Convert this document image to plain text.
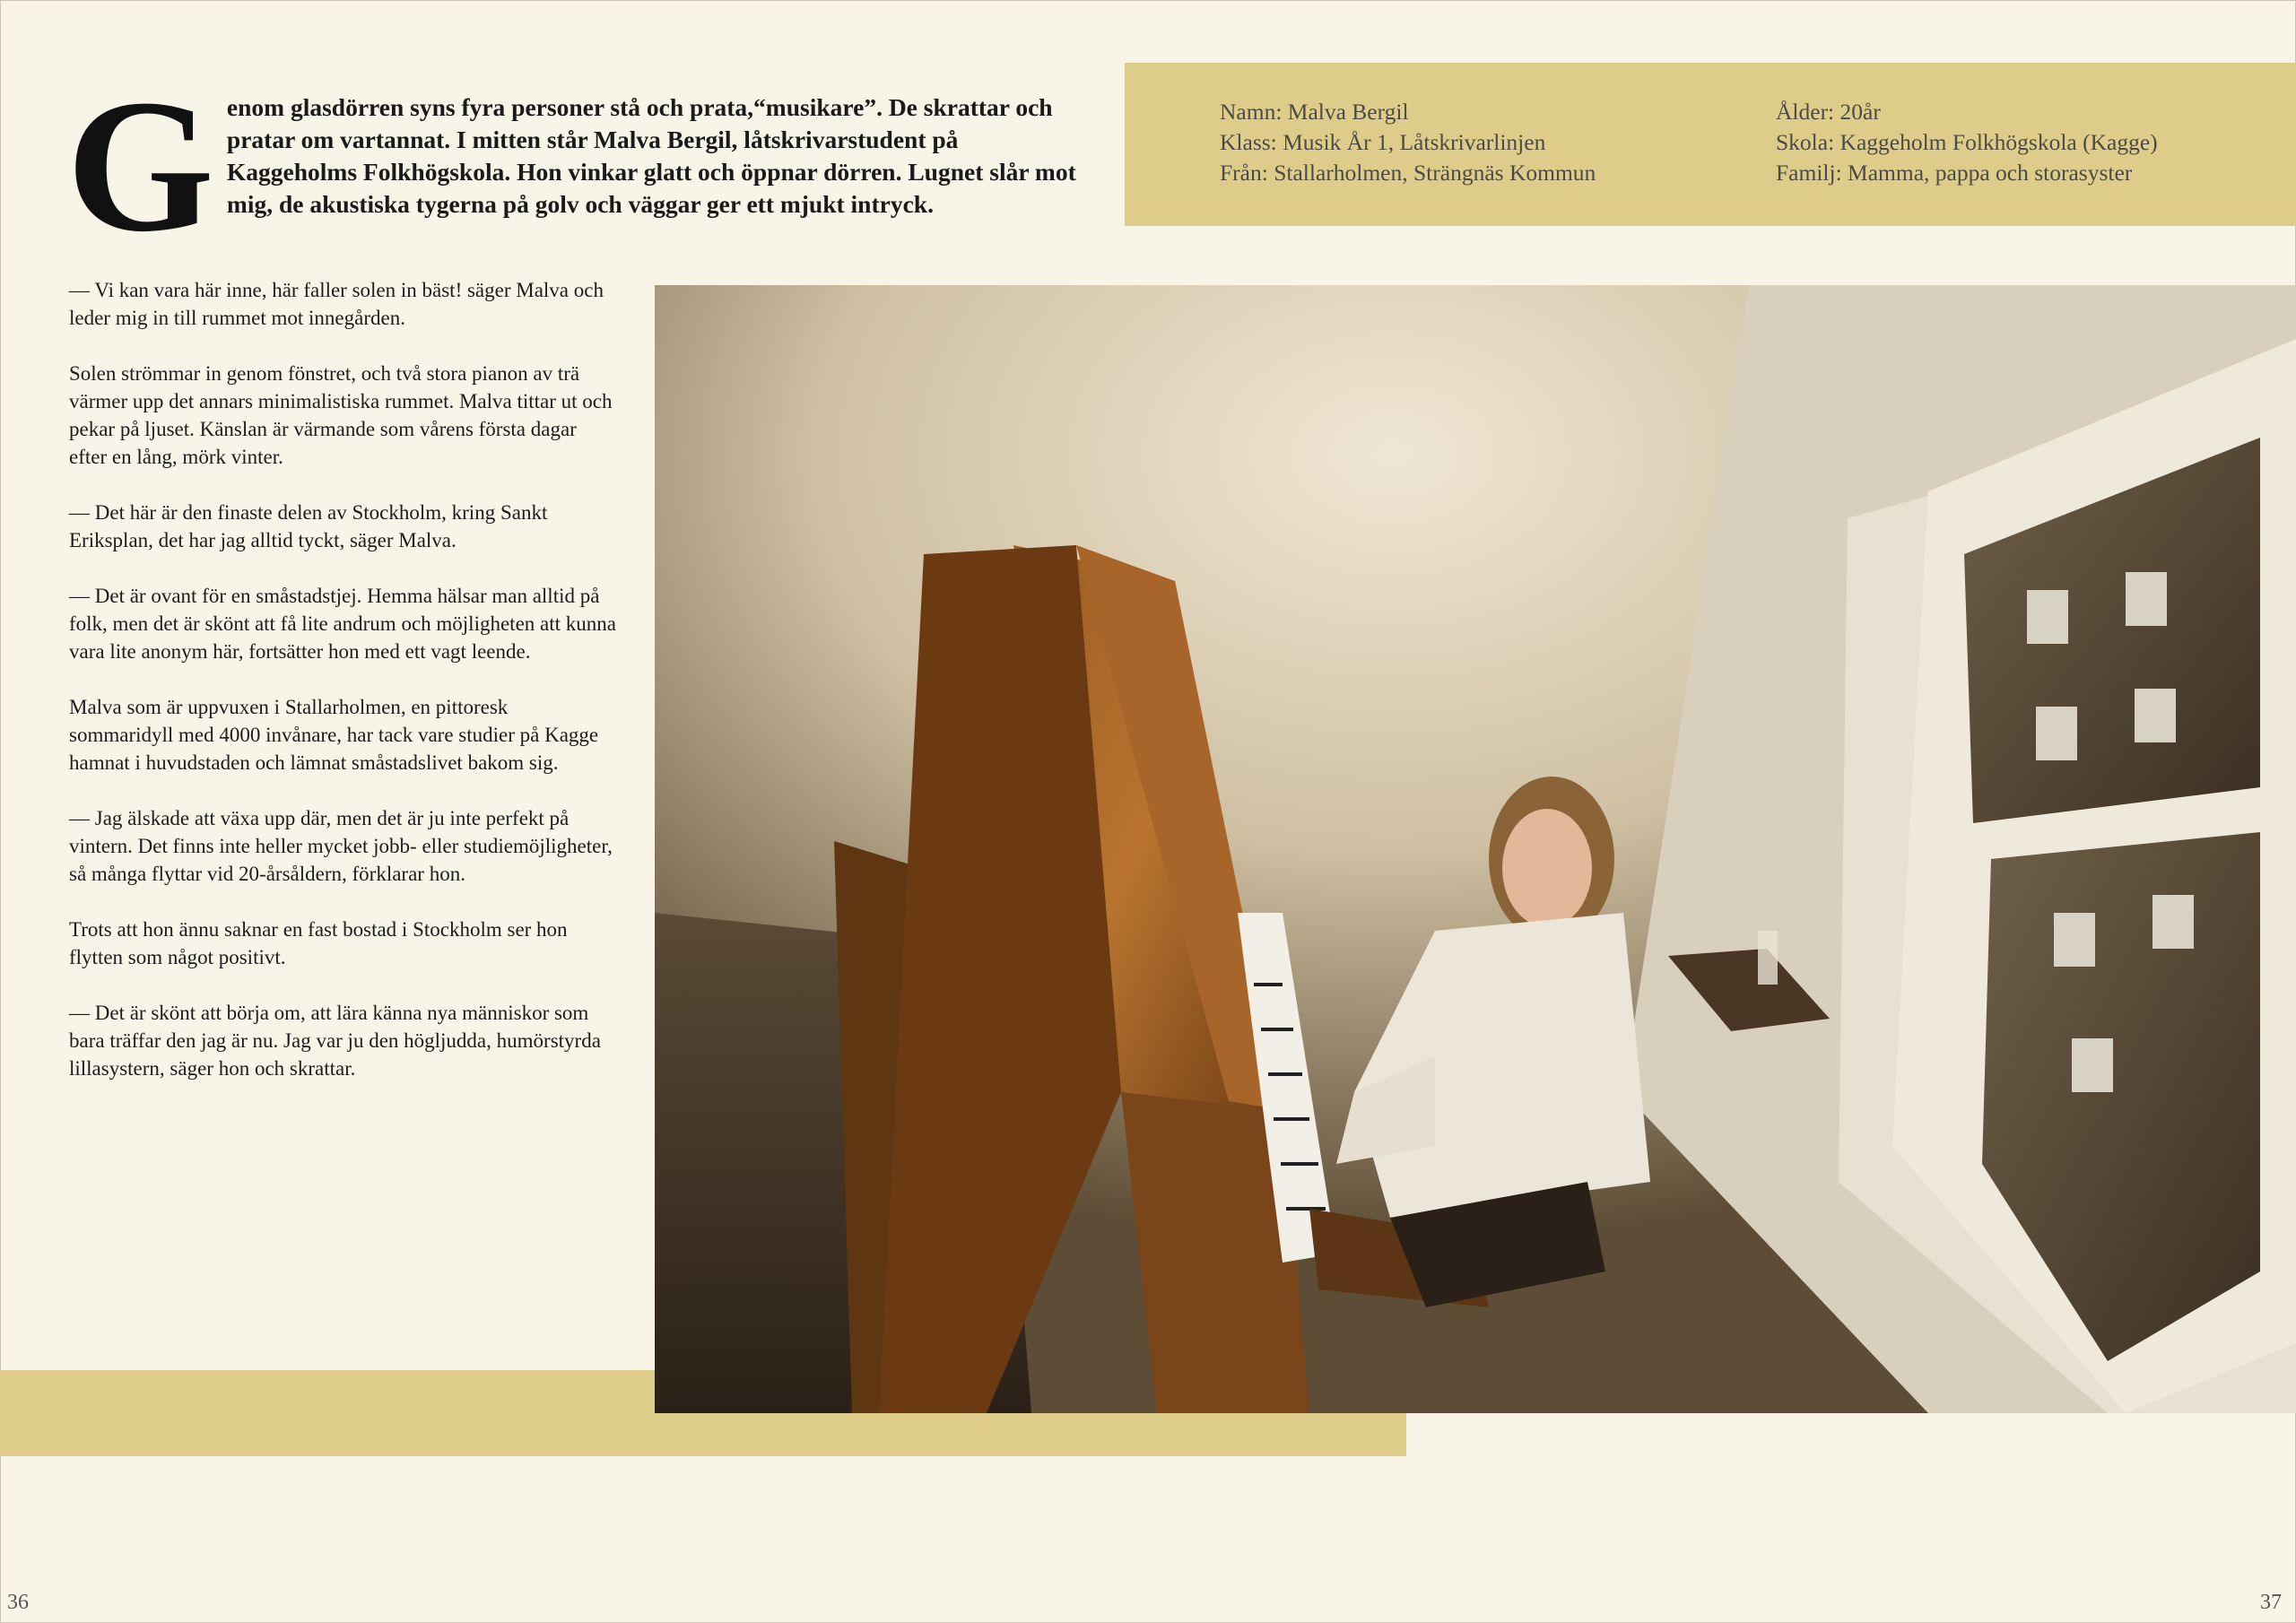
G enom glasdörren syns fyra personer stå och prata,“musikare”. De skrattar och pratar om vartannat. I mitten står Malva Bergil, låtskrivarstudent på Kaggeholms Folkhögskola. Hon vinkar glatt och öppnar dörren. Lugnet slår mot mig, de akustiska tygerna på golv och väggar ger ett mjukt intryck.

Namn: Malva Bergil
Klass: Musik År 1, Låtskrivarlinjen
Från: Stallarholmen, Strängnäs Kommun
Ålder: 20år
Skola: Kaggeholm Folkhögskola (Kagge)
Familj: Mamma, pappa och storasyster

— Vi kan vara här inne, här faller solen in bäst! säger Malva och leder mig in till rummet mot innegården.

Solen strömmar in genom fönstret, och två stora pianon av trä värmer upp det annars minimalistiska rummet. Malva tittar ut och pekar på ljuset. Känslan är värmande som vårens första dagar efter en lång, mörk vinter.

— Det här är den finaste delen av Stockholm, kring Sankt Eriksplan, det har jag alltid tyckt, säger Malva.

— Det är ovant för en småstadstjej. Hemma hälsar man alltid på folk, men det är skönt att få lite andrum och möjligheten att kunna vara lite anonym här, fortsätter hon med ett vagt leende.

Malva som är uppvuxen i Stallarholmen, en pittoresk sommaridyll med 4000 invånare, har tack vare studier på Kagge hamnat i huvudstaden och lämnat småstadslivet bakom sig.

— Jag älskade att växa upp där, men det är ju inte perfekt på vintern. Det finns inte heller mycket jobb- eller studiemöjligheter, så många flyttar vid 20-årsåldern, förklarar hon.

Trots att hon ännu saknar en fast bostad i Stockholm ser hon flytten som något positivt.

— Det är skönt att börja om, att lära känna nya människor som bara träffar den jag är nu. Jag var ju den högljudda, humörstyrda lillasystern, säger hon och skrattar.

36	37
